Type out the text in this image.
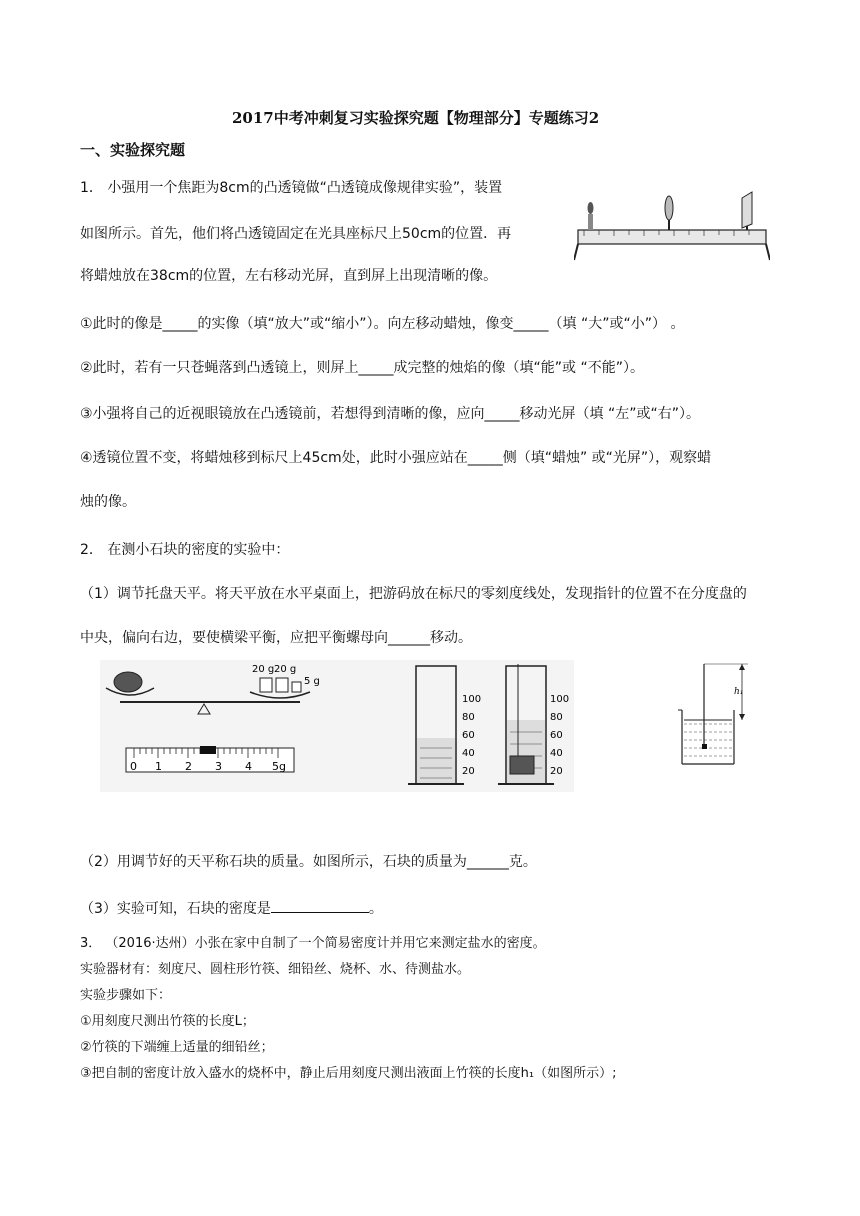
2017中考冲刺复习实验探究题【物理部分】专题练习2
一、实验探究题
1． 小强用一个焦距为8cm的凸透镜做“凸透镜成像规律实验”，装置
如图所示。首先，他们将凸透镜固定在光具座标尺上50cm的位置．再
将蜡烛放在38cm的位置，左右移动光屏，直到屏上出现清晰的像。
①此时的像是_____的实像（填“放大”或“缩小”）。向左移动蜡烛，像变_____（填 “大”或“小”） 。
②此时，若有一只苍蝇落到凸透镜上，则屏上_____成完整的烛焰的像（填“能”或 “不能”）。
③小强将自己的近视眼镜放在凸透镜前，若想得到清晰的像，应向_____移动光屏（填 “左”或“右”）。
④透镜位置不变，将蜡烛移到标尺上45cm处，此时小强应站在_____侧（填“蜡烛” 或“光屏”），观察蜡
烛的像。
2． 在测小石块的密度的实验中：
（1）调节托盘天平。将天平放在水平桌面上，把游码放在标尺的零刻度线处，发现指针的位置不在分度盘的
中央，偏向右边，要使横梁平衡，应把平衡螺母向______移动。
20 g 20 g
5 g
0 1 2 3 4 5g
100
80
60
40
20
100
80
60
40
20
h₁
（2）用调节好的天平称石块的质量。如图所示，石块的质量为______克。
（3）实验可知，石块的密度是	。
3． （2016·达州）小张在家中自制了一个简易密度计并用它来测定盐水的密度。
实验器材有：刻度尺、圆柱形竹筷、细铅丝、烧杯、水、待测盐水。
实验步骤如下：
①用刻度尺测出竹筷的长度L；
②竹筷的下端缠上适量的细铅丝；
③把自制的密度计放入盛水的烧杯中，静止后用刻度尺测出液面上竹筷的长度h₁（如图所示）;
